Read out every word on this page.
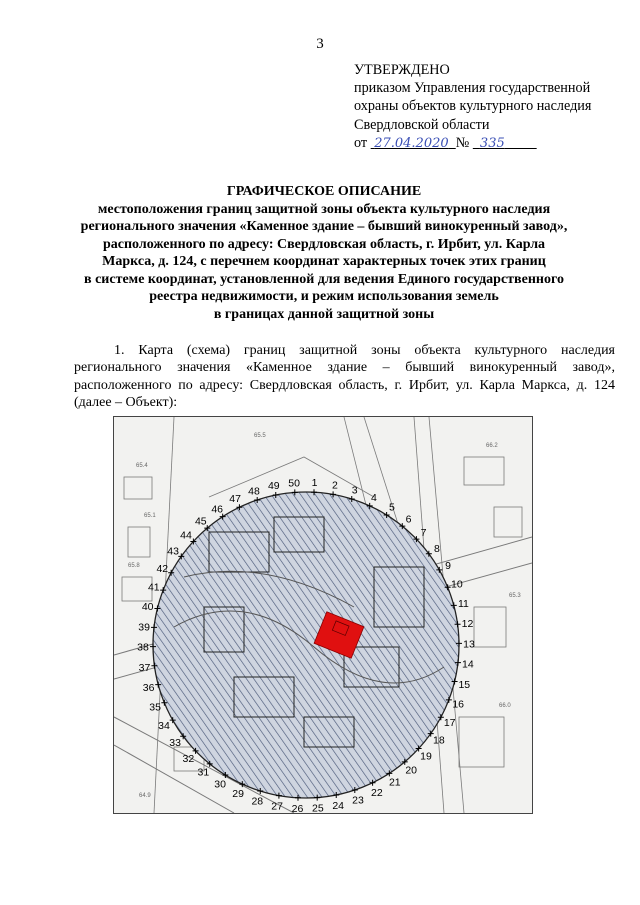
3
УТВЕРЖДЕНО
приказом Управления государственной
охраны объектов культурного наследия
Свердловской области
от 27.04.2020 № 335
ГРАФИЧЕСКОЕ ОПИСАНИЕ
местоположения границ защитной зоны объекта культурного наследия
регионального значения «Каменное здание – бывший винокуренный завод»,
расположенного по адресу: Свердловская область, г. Ирбит, ул. Карла
Маркса, д. 124, с перечнем координат характерных точек этих границ
в системе координат, установленной для ведения Единого государственного
реестра недвижимости, и режим использования земель
в границах данной защитной зоны
1. Карта (схема) границ защитной зоны объекта культурного наследия регионального значения «Каменное здание – бывший винокуренный завод», расположенного по адресу: Свердловская область, г. Ирбит, ул. Карла Маркса, д. 124 (далее – Объект):
65.4
65.1
65.8
66.2
65.3
64.9
66.0
65.5
1 2 3
4
5
6
7
8
9
10
11
12
13
14
15
16
17
18
19
20
21
22
23
24
25
26
27
28
29
30
31
32
33
34
35
36
37
38
39
40
41
42
43
44
45
46
47
48 49 50
